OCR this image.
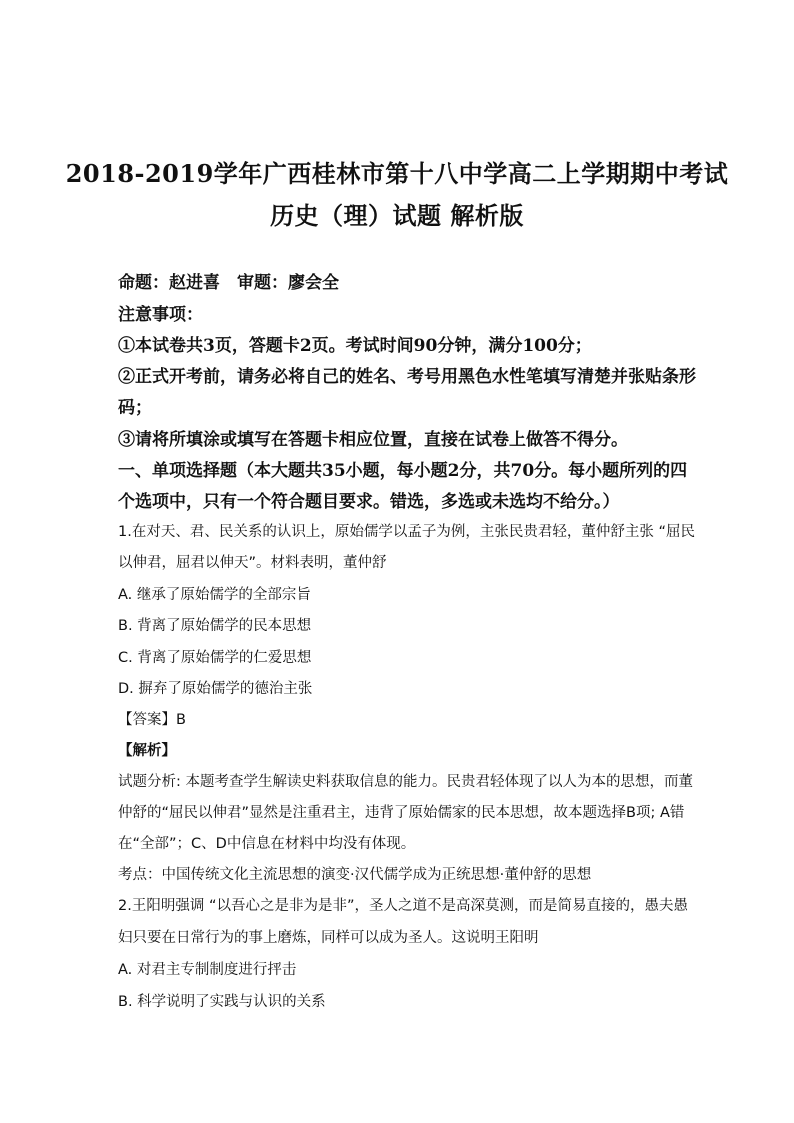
2018-2019学年广西桂林市第十八中学高二上学期期中考试
历史（理）试题 解析版
命题：赵进喜　审题：廖会全
注意事项：
①本试卷共3页，答题卡2页。考试时间90分钟，满分100分；
②正式开考前，请务必将自己的姓名、考号用黑色水性笔填写清楚并张贴条形
码；
③请将所填涂或填写在答题卡相应位置，直接在试卷上做答不得分。
一、单项选择题（本大题共35小题，每小题2分，共70分。每小题所列的四
个选项中，只有一个符合题目要求。错选，多选或未选均不给分。）
1.在对天、君、民关系的认识上，原始儒学以孟子为例，主张民贵君轻，董仲舒主张 “屈民
以伸君，屈君以伸天”。材料表明，董仲舒
A. 继承了原始儒学的全部宗旨
B. 背离了原始儒学的民本思想
C. 背离了原始儒学的仁爱思想
D. 摒弃了原始儒学的德治主张
【答案】B
【解析】
试题分析: 本题考查学生解读史料获取信息的能力。民贵君轻体现了以人为本的思想，而董
仲舒的“屈民以伸君”显然是注重君主，违背了原始儒家的民本思想，故本题选择B项; A错
在“全部”；C、D中信息在材料中均没有体现。
考点：中国传统文化主流思想的演变·汉代儒学成为正统思想·董仲舒的思想
2.王阳明强调 “以吾心之是非为是非”，圣人之道不是高深莫测，而是简易直接的，愚夫愚
妇只要在日常行为的事上磨炼，同样可以成为圣人。这说明王阳明
A. 对君主专制制度进行抨击
B. 科学说明了实践与认识的关系
